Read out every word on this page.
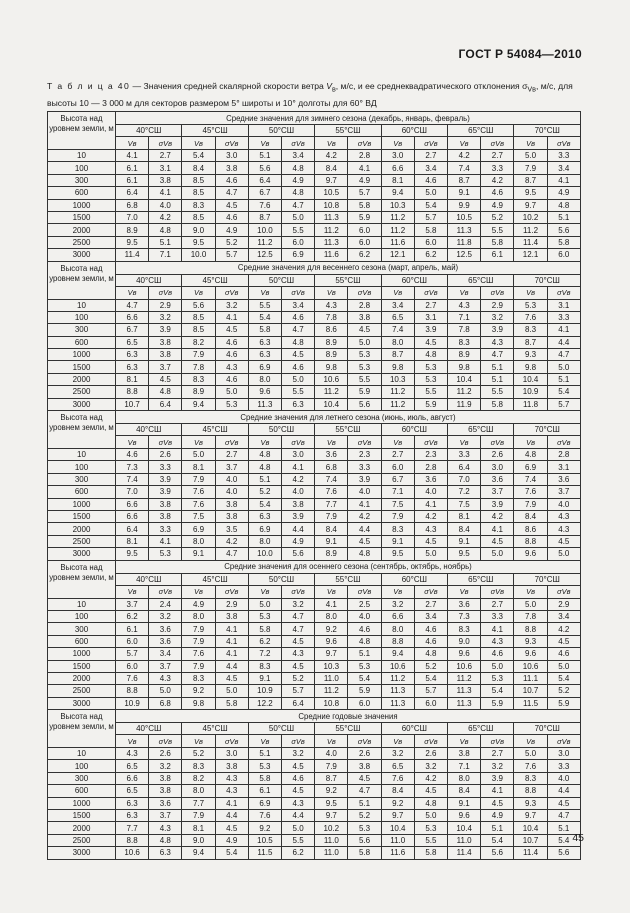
ГОСТ Р 54084—2010
Т а б л и ц а 40 — Значения средней скалярной скорости ветра $V_в$, м/с, и ее среднеквадратического отклонения $\sigma_{Vв}$, м/с, для высоты 10 — 3 000 м для секторов размером 5° широты и 10° долготы для 60° ВД
Высота над уровнем земли, м	Средние значения для зимнего сезона (декабрь, январь, февраль)													
	40°СШ		45°СШ		50°СШ		55°СШ		60°СШ		65°СШ		70°СШ	
	Vв	σVв	Vв	σVв	Vв	σVв	Vв	σVв	Vв	σVв	Vв	σVв	Vв	σVв
10	4.1	2.7	5.4	3.0	5.1	3.4	4.2	2.8	3.0	2.7	4.2	2.7	5.0	3.3
100	6.1	3.1	8.4	3.8	5.6	4.8	8.4	4.1	6.6	3.4	7.4	3.3	7.9	3.4
300	6.1	3.8	8.5	4.6	6.4	4.9	9.7	4.9	8.1	4.6	8.7	4.2	8.7	4.1
600	6.4	4.1	8.5	4.7	6.7	4.8	10.5	5.7	9.4	5.0	9.1	4.6	9.5	4.9
1000	6.8	4.0	8.3	4.5	7.6	4.7	10.8	5.8	10.3	5.4	9.9	4.9	9.7	4.8
1500	7.0	4.2	8.5	4.6	8.7	5.0	11.3	5.9	11.2	5.7	10.5	5.2	10.2	5.1
2000	8.9	4.8	9.0	4.9	10.0	5.5	11.2	6.0	11.2	5.8	11.3	5.5	11.2	5.6
2500	9.5	5.1	9.5	5.2	11.2	6.0	11.3	6.0	11.6	6.0	11.8	5.8	11.4	5.8
3000	11.4	7.1	10.0	5.7	12.5	6.9	11.6	6.2	12.1	6.2	12.5	6.1	12.1	6.0
Высота над уровнем земли, м	Средние значения для весеннего сезона (март, апрель, май)													
	40°СШ		45°СШ		50°СШ		55°СШ		60°СШ		65°СШ		70°СШ	
	Vв	σVв	Vв	σVв	Vв	σVв	Vв	σVв	Vв	σVв	Vв	σVв	Vв	σVв
10	4.7	2.9	5.6	3.2	5.5	3.4	4.3	2.8	3.4	2.7	4.3	2.9	5.3	3.1
100	6.6	3.2	8.5	4.1	5.4	4.6	7.8	3.8	6.5	3.1	7.1	3.2	7.6	3.3
300	6.7	3.9	8.5	4.5	5.8	4.7	8.6	4.5	7.4	3.9	7.8	3.9	8.3	4.1
600	6.5	3.8	8.2	4.6	6.3	4.8	8.9	5.0	8.0	4.5	8.3	4.3	8.7	4.4
1000	6.3	3.8	7.9	4.6	6.3	4.5	8.9	5.3	8.7	4.8	8.9	4.7	9.3	4.7
1500	6.3	3.7	7.8	4.3	6.9	4.6	9.8	5.3	9.8	5.3	9.8	5.1	9.8	5.0
2000	8.1	4.5	8.3	4.6	8.0	5.0	10.6	5.5	10.3	5.3	10.4	5.1	10.4	5.1
2500	8.8	4.8	8.9	5.0	9.6	5.5	11.2	5.9	11.2	5.5	11.2	5.5	10.9	5.4
3000	10.7	6.4	9.4	5.3	11.3	6.3	10.4	5.6	11.2	5.9	11.9	5.8	11.8	5.7
Высота над уровнем земли, м	Средние значения для летнего сезона (июнь, июль, август)													
	40°СШ		45°СШ		50°СШ		55°СШ		60°СШ		65°СШ		70°СШ	
	Vв	σVв	Vв	σVв	Vв	σVв	Vв	σVв	Vв	σVв	Vв	σVв	Vв	σVв
10	4.6	2.6	5.0	2.7	4.8	3.0	3.6	2.3	2.7	2.3	3.3	2.6	4.8	2.8
100	7.3	3.3	8.1	3.7	4.8	4.1	6.8	3.3	6.0	2.8	6.4	3.0	6.9	3.1
300	7.4	3.9	7.9	4.0	5.1	4.2	7.4	3.9	6.7	3.6	7.0	3.6	7.4	3.6
600	7.0	3.9	7.6	4.0	5.2	4.0	7.6	4.0	7.1	4.0	7.2	3.7	7.6	3.7
1000	6.6	3.8	7.6	3.8	5.4	3.8	7.7	4.1	7.5	4.1	7.5	3.9	7.9	4.0
1500	6.6	3.8	7.5	3.8	6.3	3.9	7.9	4.2	7.9	4.2	8.1	4.2	8.4	4.3
2000	6.4	3.3	6.9	3.5	6.9	4.4	8.4	4.4	8.3	4.3	8.4	4.1	8.6	4.3
2500	8.1	4.1	8.0	4.2	8.0	4.9	9.1	4.5	9.1	4.5	9.1	4.5	8.8	4.5
3000	9.5	5.3	9.1	4.7	10.0	5.6	8.9	4.8	9.5	5.0	9.5	5.0	9.6	5.0
Высота над уровнем земли, м	Средние значения для осеннего сезона (сентябрь, октябрь, ноябрь)													
	40°СШ		45°СШ		50°СШ		55°СШ		60°СШ		65°СШ		70°СШ	
	Vв	σVв	Vв	σVв	Vв	σVв	Vв	σVв	Vв	σVв	Vв	σVв	Vв	σVв
10	3.7	2.4	4.9	2.9	5.0	3.2	4.1	2.5	3.2	2.7	3.6	2.7	5.0	2.9
100	6.2	3.2	8.0	3.8	5.3	4.7	8.0	4.0	6.6	3.4	7.3	3.3	7.8	3.4
300	6.1	3.6	7.9	4.1	5.8	4.7	9.2	4.6	8.0	4.6	8.3	4.1	8.8	4.2
600	6.0	3.6	7.9	4.1	6.2	4.5	9.6	4.8	8.8	4.6	9.0	4.3	9.3	4.5
1000	5.7	3.4	7.6	4.1	7.2	4.3	9.7	5.1	9.4	4.8	9.6	4.6	9.6	4.6
1500	6.0	3.7	7.9	4.4	8.3	4.5	10.3	5.3	10.6	5.2	10.6	5.0	10.6	5.0
2000	7.6	4.3	8.3	4.5	9.1	5.2	11.0	5.4	11.2	5.4	11.2	5.3	11.1	5.4
2500	8.8	5.0	9.2	5.0	10.9	5.7	11.2	5.9	11.3	5.7	11.3	5.4	10.7	5.2
3000	10.9	6.8	9.8	5.8	12.2	6.4	10.8	6.0	11.3	6.0	11.3	5.9	11.5	5.9
Высота над уровнем земли, м	Средние годовые значения													
	40°СШ		45°СШ		50°СШ		55°СШ		60°СШ		65°СШ		70°СШ	
	Vв	σVв	Vв	σVв	Vв	σVв	Vв	σVв	Vв	σVв	Vв	σVв	Vв	σVв
10	4.3	2.6	5.2	3.0	5.1	3.2	4.0	2.6	3.2	2.6	3.8	2.7	5.0	3.0
100	6.5	3.2	8.3	3.8	5.3	4.5	7.9	3.8	6.5	3.2	7.1	3.2	7.6	3.3
300	6.6	3.8	8.2	4.3	5.8	4.6	8.7	4.5	7.6	4.2	8.0	3.9	8.3	4.0
600	6.5	3.8	8.0	4.3	6.1	4.5	9.2	4.7	8.4	4.5	8.4	4.1	8.8	4.4
1000	6.3	3.6	7.7	4.1	6.9	4.3	9.5	5.1	9.2	4.8	9.1	4.5	9.3	4.5
1500	6.3	3.7	7.9	4.4	7.6	4.4	9.7	5.2	9.7	5.0	9.6	4.9	9.7	4.7
2000	7.7	4.3	8.1	4.5	9.2	5.0	10.2	5.3	10.4	5.3	10.4	5.1	10.4	5.1
2500	8.8	4.8	9.0	4.9	10.5	5.5	11.0	5.6	11.0	5.5	11.0	5.4	10.7	5.4
3000	10.6	6.3	9.4	5.4	11.5	6.2	11.0	5.8	11.6	5.8	11.4	5.6	11.4	5.6
45
